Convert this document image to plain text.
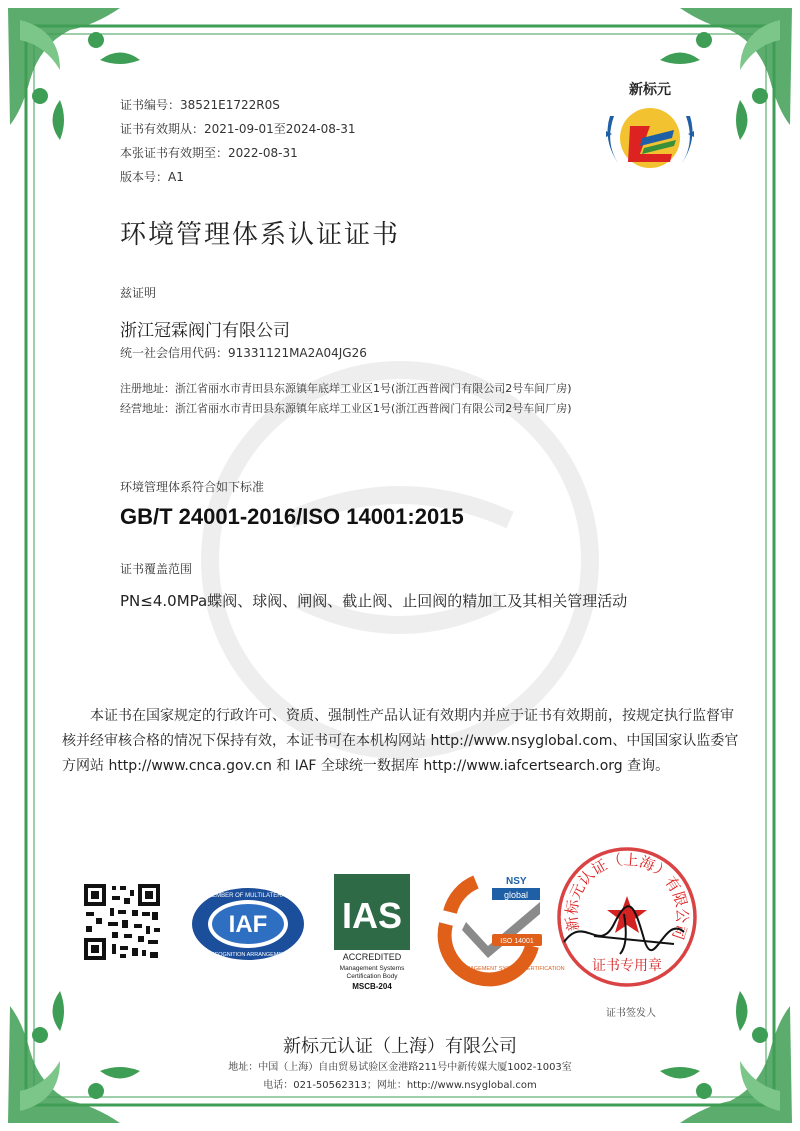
证书编号：38521E1722R0S
证书有效期从：2021-09-01至2024-08-31
本张证书有效期至：2022-08-31
版本号：A1
新标元
环境管理体系认证证书
兹证明
浙江冠霖阀门有限公司
统一社会信用代码：91331121MA2A04JG26
注册地址：浙江省丽水市青田县东源镇年底垟工业区1号(浙江西普阀门有限公司2号车间厂房)
经营地址：浙江省丽水市青田县东源镇年底垟工业区1号(浙江西普阀门有限公司2号车间厂房)
环境管理体系符合如下标准
GB/T 24001-2016/ISO 14001:2015
证书覆盖范围
PN≤4.0MPa蝶阀、球阀、闸阀、截止阀、止回阀的精加工及其相关管理活动
本证书在国家规定的行政许可、资质、强制性产品认证有效期内并应于证书有效期前，按规定执行监督审核并经审核合格的情况下保持有效，本证书可在本机构网站 http://www.nsyglobal.com、中国国家认监委官方网站 http://www.cnca.gov.cn 和 IAF 全球统一数据库 http://www.iafcertsearch.org 查询。
MEMBER OF MULTILATERAL
IAF
RECOGNITION ARRANGEMENT
IAS
ACCREDITED
Management Systems
Certification Body
MSCB-204
MANAGEMENT SYSTEM CERTIFICATION
NSY
global
ISO 14001
新标元认证（上海）有限公司
证书专用章
证书签发人
新标元认证（上海）有限公司
地址：中国（上海）自由贸易试验区金港路211号中新传媒大厦1002-1003室
电话：021-50562313；网址：http://www.nsyglobal.com
